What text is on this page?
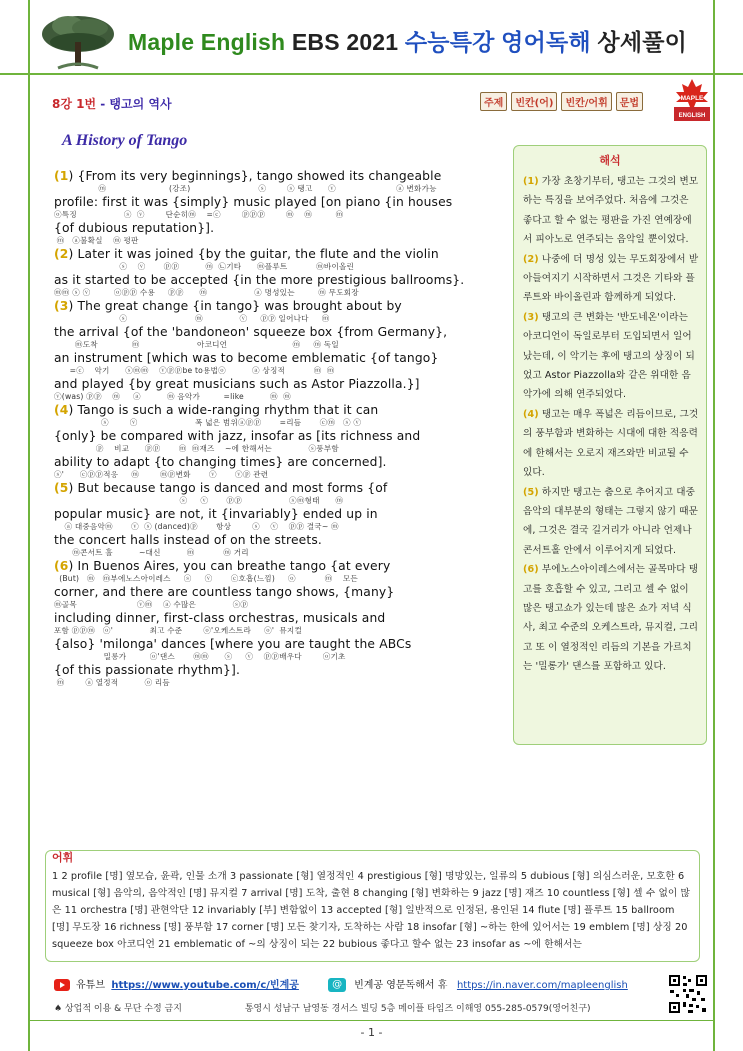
Maple English EBS 2021 수능특강 영어독해 상세풀이
8강 1번 - 탱고의 역사	주제	빈칸(어)	빈칸/어휘	문법	MAPLE
ENGLISH
A History of Tango
(1) {From its very beginnings}, tango showed its changeable
ⓜ                        (강조)                          ⓢ        ⓢ 탱고      ⓥ                       ⓐ 변화가능
profile: first it was {simply} music played [on piano {in houses
ⓞ특징                  ⓢ  ⓥ        단순히ⓜ    =ⓒ        ⓟⓟⓟ        ⓜ    ⓜ         ⓜ
{of dubious reputation}].
ⓜ   ⓐ불확실    ⓜ 평판
(2) Later it was joined {by the guitar, the flute and the violin
ⓢ    ⓥ       ⓟⓟ          ⓜ  ㉡기타      ⓜ플루트           ⓜ바이올린
as it started to be accepted {in the more prestigious ballrooms}.
ⓜⓜ ⓢ ⓥ         ⓞⓟⓟ 수용     ⓟⓟ      ⓜ                  ⓐ 명성있는         ⓜ 무도회장
(3) The great change {in tango} was brought about by
ⓢ                          ⓜ              ⓥ     ⓟⓟ 일어나다     ⓜ
the arrival {of the 'bandoneon' squeeze box {from Germany},
ⓜ도착             ⓜ                      아코디언                         ⓜ     ⓜ 독일
an instrument [which was to become emblematic {of tango}
=ⓒ    악기      ⓢⓜⓜ    ⓥⓟⓟbe to용법ⓞ          ⓐ 상징적           ⓜ  ⓜ
and played {by great musicians such as Astor Piazzolla.}]
ⓥ(was) ⓟⓟ    ⓜ     ⓐ          ⓜ 음악가         =like          ⓜ  ⓜ
(4) Tango is such a wide-ranging rhythm that it can
ⓢ        ⓥ                      폭 넓은 범위ⓐⓟⓟ       =리듬       ⓒⓜ   ⓢ ⓥ
{only} be compared with jazz, insofar as [its richness and
ⓟ    비교      ⓟⓟ       ⓜ  ⓜ재즈    ~에 한해서는              ⓢ풍부함
ability to adapt {to changing times} are concerned].
ⓢ'      ⓒⓟⓟ적응     ⓜ        ⓜⓟ변화       ⓥ       ⓥⓟ 관련
(5) But because tango is danced and most forms {of
ⓢ     ⓥ       ⓟⓟ                  ⓢⓜ형태      ⓜ
popular music} are not, it {invariably} ended up in
ⓐ 대중음악ⓜ       ⓥ  ⓢ (danced)ⓟ       항상        ⓢ    ⓥ    ⓟⓟ 결국~ ⓜ
the concert halls instead of on the streets.
ⓜ콘서트 홀          ~대신          ⓜ           ⓜ 거리
(6) In Buenos Aires, you can breathe tango {at every
(But)   ⓜ   ⓜ부에노스아이레스     ⓢ     ⓥ       ⓒ호흡(느낌)     ⓞ           ⓜ    모든
corner, and there are countless tango shows, {many}
ⓜ골목                       ⓥⓜ    ⓐ 수많은              ⓢⓟ
including dinner, first-class orchestras, musicals and
포함 ⓟⓟⓜ   ⓞ'              최고 수준        ⓞ'오케스트라     ⓞ'  뮤지컬
{also} 'milonga' dances [where you are taught the ABCs
밀롱가         ⓞ'댄스       ⓜⓜ      ⓢ     ⓥ    ⓟⓟ배우다        ⓞ기초
{of this passionate rhythm}].
ⓜ        ⓐ 열정적          ⓞ 리듬
해석
(1) 가장 초창기부터, 탱고는 그것의 변모하는 특징을 보여주었다. 처음에 그것은 좋다고 할 수 없는 평판을 가진 연예장에서 피아노로 연주되는 음악일 뿐이었다.
(2) 나중에 더 명성 있는 무도회장에서 받아들여지기 시작하면서 그것은 기타와 플루트와 바이올린과 함께하게 되었다.
(3) 탱고의 큰 변화는 '반도네온'이라는 아코디언이 독일로부터 도입되면서 일어났는데, 이 악기는 후에 탱고의 상징이 되었고 Astor Piazzolla와 같은 위대한 음악가에 의해 연주되었다.
(4) 탱고는 매우 폭넓은 리듬이므로, 그것의 풍부함과 변화하는 시대에 대한 적응력에 한해서는 오로지 재즈와만 비교될 수 있다.
(5) 하지만 탱고는 춤으로 추어지고 대중음악의 대부분의 형태는 그렇지 않기 때문에, 그것은 결국 길거리가 아니라 언제나 콘서트홀 안에서 이루어지게 되었다.
(6) 부에노스아이레스에서는 골목마다 탱고를 호흡할 수 있고, 그리고 셀 수 없이 많은 탱고쇼가 있는데 많은 쇼가 저녁 식사, 최고 수준의 오케스트라, 뮤지컬, 그리고 또 이 열정적인 리듬의 기본을 가르치는 '밀롱가' 댄스를 포함하고 있다.
어휘
1 2 profile [명] 옆모습, 윤곽, 인물 소개 3 passionate [형] 열정적인 4 prestigious [형] 명망있는, 일류의 5 dubious [형] 의심스러운, 모호한 6 musical [형] 음악의, 음악적인 [명] 뮤지컬 7 arrival [명] 도착, 출현 8 changing [형] 변화하는 9 jazz [명] 재즈 10 countless [형] 셀 수 없이 많은 11 orchestra [명] 관현악단 12 invariably [부] 변함없이 13 accepted [형] 일반적으로 인정된, 용인된 14 flute [명] 플루트 15 ballroom [명] 무도장 16 richness [명] 풍부함 17 corner [명] 모든 찾기자, 도착하는 사람 18 insofar [형] ~하는 한에 있어서는 19 emblem [명] 상징 20 squeeze box 아코디언 21 emblematic of ~의 상징이 되는 22 bubious 좋다고 할수 없는 23 insofar as ~에 한해서는
유튜브 https://www.youtube.com/c/빈계공	@ 빈계공 영문독해서 휴 https://in.naver.com/mapleenglish
♠ 상업적 이용 & 무단 수정 금지	통영시 성남구 남영동 경서스 빌딩 5층 메이플 타임즈 이해영 055-285-0579(영어친구)
- 1 -
